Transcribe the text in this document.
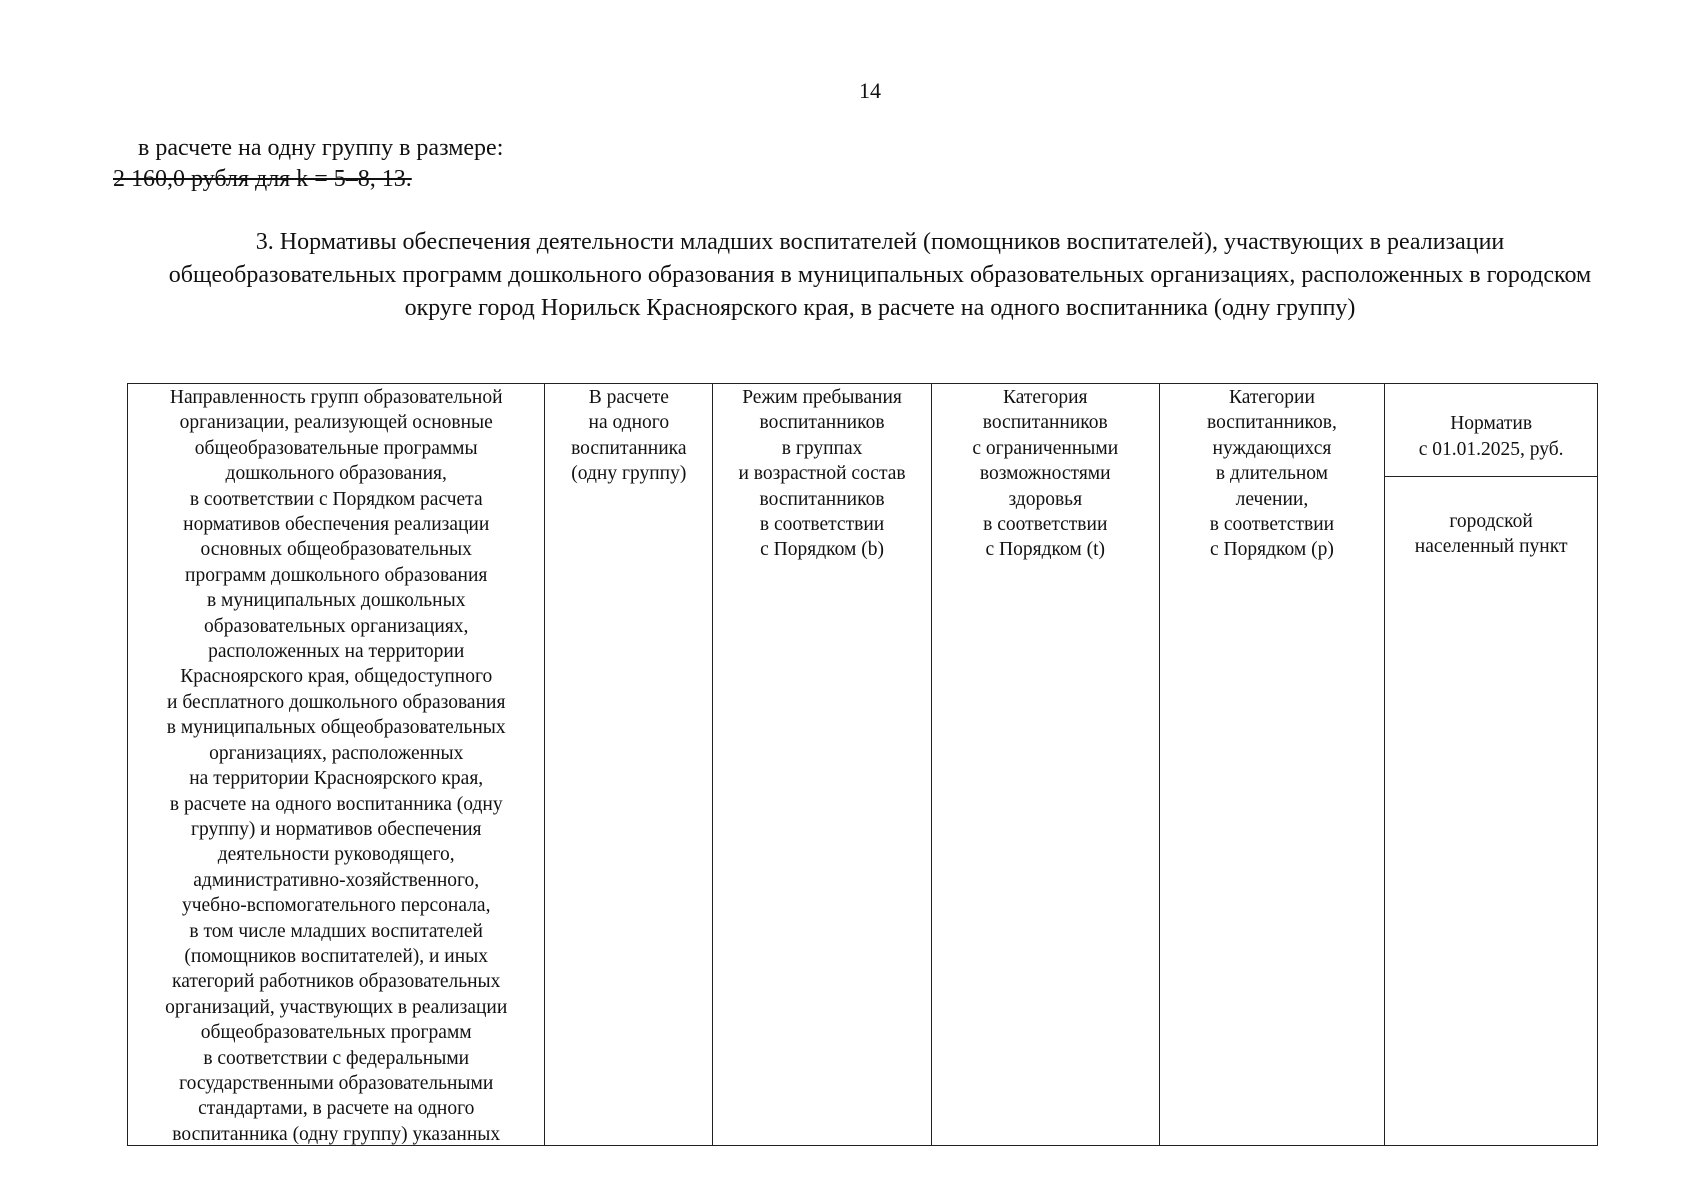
14
в расчете на одну группу в размере:
2 160,0 рубля для k = 5–8, 13.
3. Нормативы обеспечения деятельности младших воспитателей (помощников воспитателей), участвующих в реализации общеобразовательных программ дошкольного образования в муниципальных образовательных организациях, расположенных в городском округе город Норильск Красноярского края, в расчете на одного воспитанника (одну группу)
Направленность групп образовательной
организации, реализующей основные
общеобразовательные программы
дошкольного образования,
в соответствии с Порядком расчета
нормативов обеспечения реализации
основных общеобразовательных
программ дошкольного образования
в муниципальных дошкольных
образовательных организациях,
расположенных на территории
Красноярского края, общедоступного
и бесплатного дошкольного образования
в муниципальных общеобразовательных
организациях, расположенных
на территории Красноярского края,
в расчете на одного воспитанника (одну
группу) и нормативов обеспечения
деятельности руководящего,
административно-хозяйственного,
учебно-вспомогательного персонала,
в том числе младших воспитателей
(помощников воспитателей), и иных
категорий работников образовательных
организаций, участвующих в реализации
общеобразовательных программ
в соответствии с федеральными
государственными образовательными
стандартами, в расчете на одного
воспитанника (одну группу) указанных
В расчете
на одного
воспитанника
(одну группу)
Режим пребывания
воспитанников
в группах
и возрастной состав
воспитанников
в соответствии
с Порядком (b)
Категория
воспитанников
с ограниченными
возможностями
здоровья
в соответствии
с Порядком (t)
Категории
воспитанников,
нуждающихся
в длительном
лечении,
в соответствии
с Порядком (p)

Норматив
с 01.01.2025, руб.

городской
населенный пункт
